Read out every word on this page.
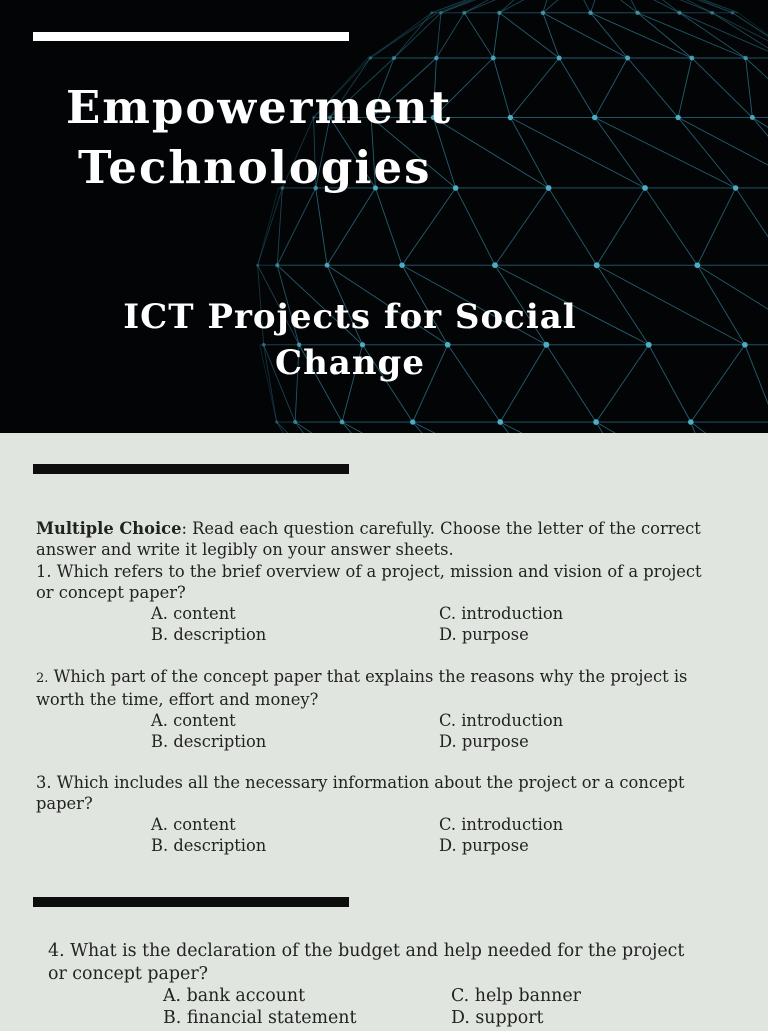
Empowerment
Technologies
ICT Projects for Social
Change

Multiple Choice: Read each question carefully. Choose the letter of the correct

answer and write it legibly on your answer sheets.

1. Which refers to the brief overview of a project, mission and vision of a project

or concept paper?

A. content	C. introduction
B. description	D. purpose

2. Which part of the concept paper that explains the reasons why the project is

worth the time, effort and money?

A. content	C. introduction
B. description	D. purpose

3. Which includes all the necessary information about the project or a concept

paper?

A. content	C. introduction
B. description	D. purpose

4. What is the declaration of the budget and help needed for the project

or concept paper?

A. bank account	C. help banner
B. financial statement	D. support
